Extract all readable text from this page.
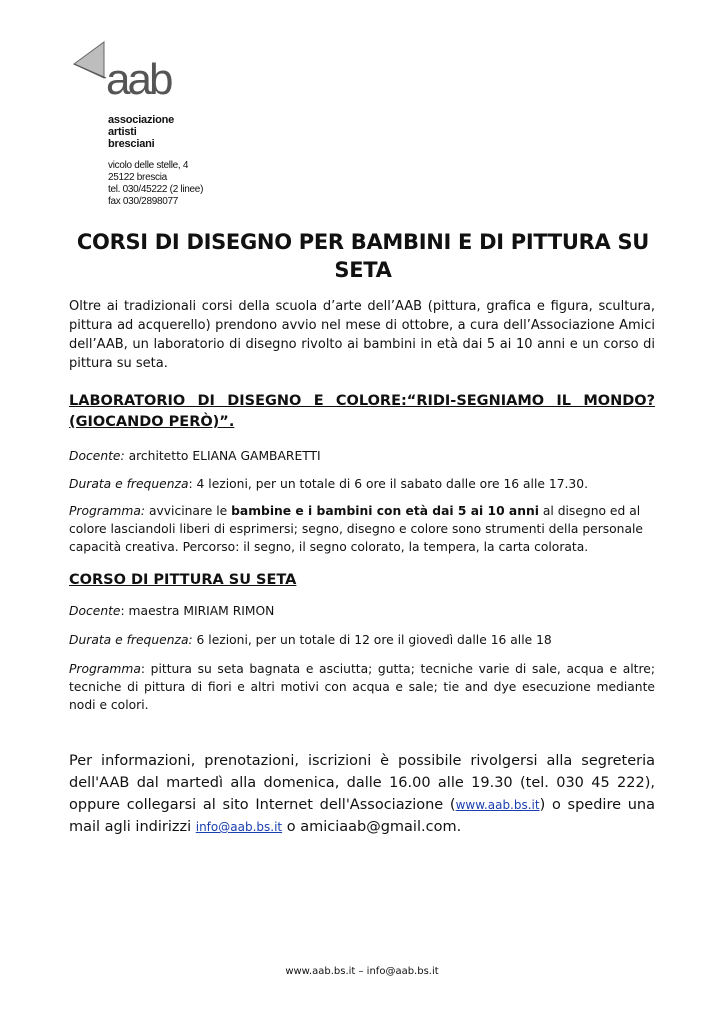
aab
associazione
artisti
bresciani
vicolo delle stelle, 4
25122 brescia
tel. 030/45222 (2 linee)
fax 030/2898077
CORSI DI DISEGNO PER BAMBINI E DI PITTURA SU
SETA
Oltre ai tradizionali corsi della scuola d’arte dell’AAB (pittura, grafica e figura, scultura, pittura ad acquerello) prendono avvio nel mese di ottobre, a cura dell’Associazione Amici dell’AAB, un laboratorio di disegno rivolto ai bambini in età dai 5 ai 10 anni e un corso di pittura su seta.
LABORATORIO DI DISEGNO E COLORE:“RIDI-SEGNIAMO IL MONDO?
(GIOCANDO PERÒ)”.
Docente: architetto ELIANA GAMBARETTI
Durata e frequenza: 4 lezioni, per un totale di 6 ore il sabato dalle ore 16 alle 17.30.
Programma: avvicinare le bambine e i bambini con età dai 5 ai 10 anni al disegno ed al colore lasciandoli liberi di esprimersi; segno, disegno e colore sono strumenti della personale capacità creativa. Percorso: il segno, il segno colorato, la tempera, la carta colorata.
CORSO DI PITTURA SU SETA
Docente: maestra MIRIAM RIMON
Durata e frequenza: 6 lezioni, per un totale di 12 ore il giovedì dalle 16 alle 18
Programma: pittura su seta bagnata e asciutta; gutta; tecniche varie di sale, acqua e altre; tecniche di pittura di fiori e altri motivi con acqua e sale; tie and dye esecuzione mediante nodi e colori.
Per informazioni, prenotazioni, iscrizioni è possibile rivolgersi alla segreteria
dell'AAB dal martedì alla domenica, dalle 16.00 alle 19.30 (tel. 030 45 222),
oppure collegarsi al sito Internet dell'Associazione (www.aab.bs.it) o spedire una
mail agli indirizzi info@aab.bs.it o amiciaab@gmail.com.
www.aab.bs.it – info@aab.bs.it
